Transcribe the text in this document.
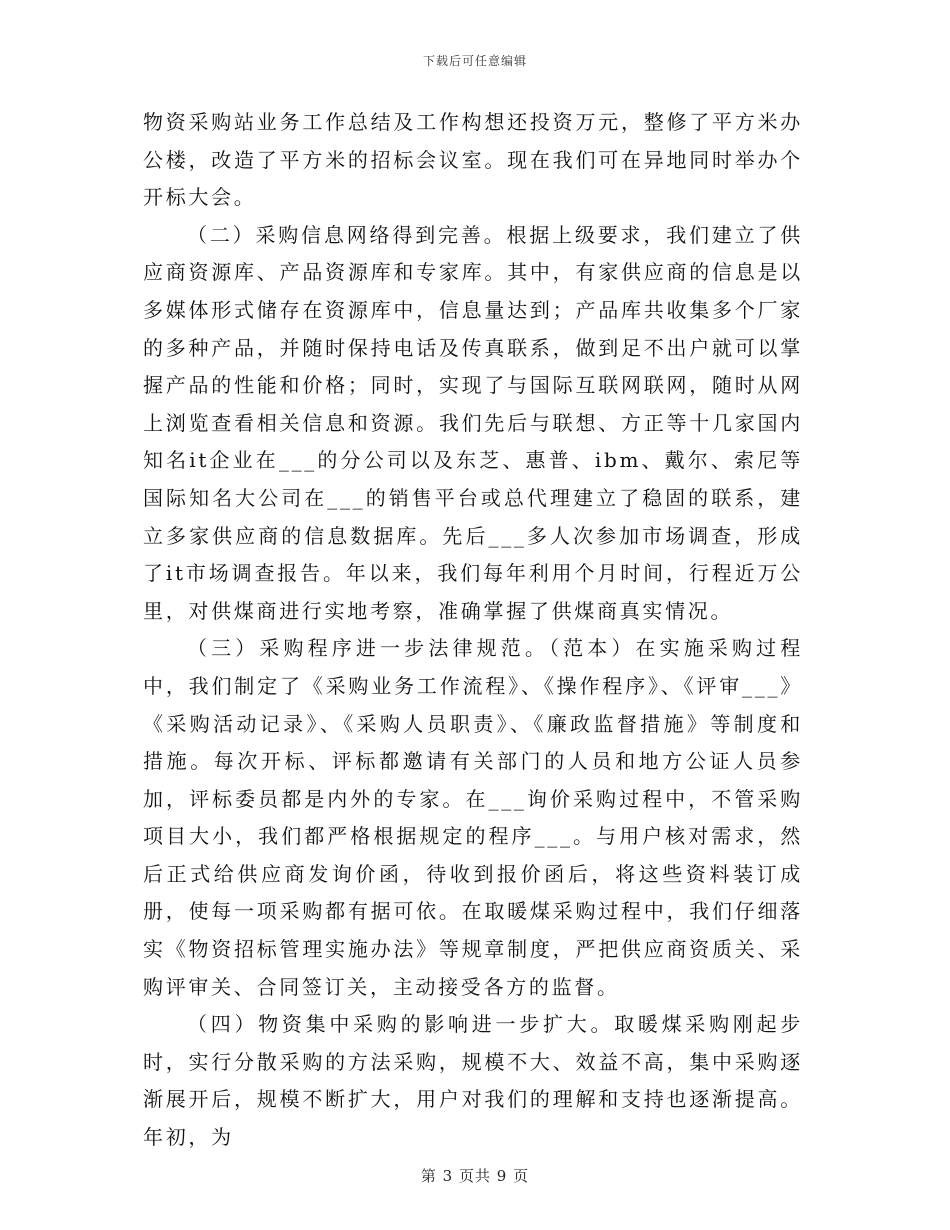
下载后可任意编辑

物资采购站业务工作总结及工作构想还投资万元，整修了平方米办公楼，改造了平方米的招标会议室。现在我们可在异地同时举办个开标大会。

（二）采购信息网络得到完善。根据上级要求，我们建立了供应商资源库、产品资源库和专家库。其中，有家供应商的信息是以多媒体形式储存在资源库中，信息量达到；产品库共收集多个厂家的多种产品，并随时保持电话及传真联系，做到足不出户就可以掌握产品的性能和价格；同时，实现了与国际互联网联网，随时从网上浏览查看相关信息和资源。我们先后与联想、方正等十几家国内知名it企业在___的分公司以及东芝、惠普、ibm、戴尔、索尼等国际知名大公司在___的销售平台或总代理建立了稳固的联系，建立多家供应商的信息数据库。先后___多人次参加市场调查，形成了it市场调查报告。年以来，我们每年利用个月时间，行程近万公里，对供煤商进行实地考察，准确掌握了供煤商真实情况。

（三）采购程序进一步法律规范。（范本）在实施采购过程中，我们制定了《采购业务工作流程》、《操作程序》、《评审___》《采购活动记录》、《采购人员职责》、《廉政监督措施》等制度和措施。每次开标、评标都邀请有关部门的人员和地方公证人员参加，评标委员都是内外的专家。在___询价采购过程中，不管采购项目大小，我们都严格根据规定的程序___。与用户核对需求，然后正式给供应商发询价函，待收到报价函后，将这些资料装订成册，使每一项采购都有据可依。在取暖煤采购过程中，我们仔细落实《物资招标管理实施办法》等规章制度，严把供应商资质关、采购评审关、合同签订关，主动接受各方的监督。

（四）物资集中采购的影响进一步扩大。取暖煤采购刚起步时，实行分散采购的方法采购，规模不大、效益不高，集中采购逐渐展开后，规模不断扩大，用户对我们的理解和支持也逐渐提高。年初，为

第 3 页共 9 页
